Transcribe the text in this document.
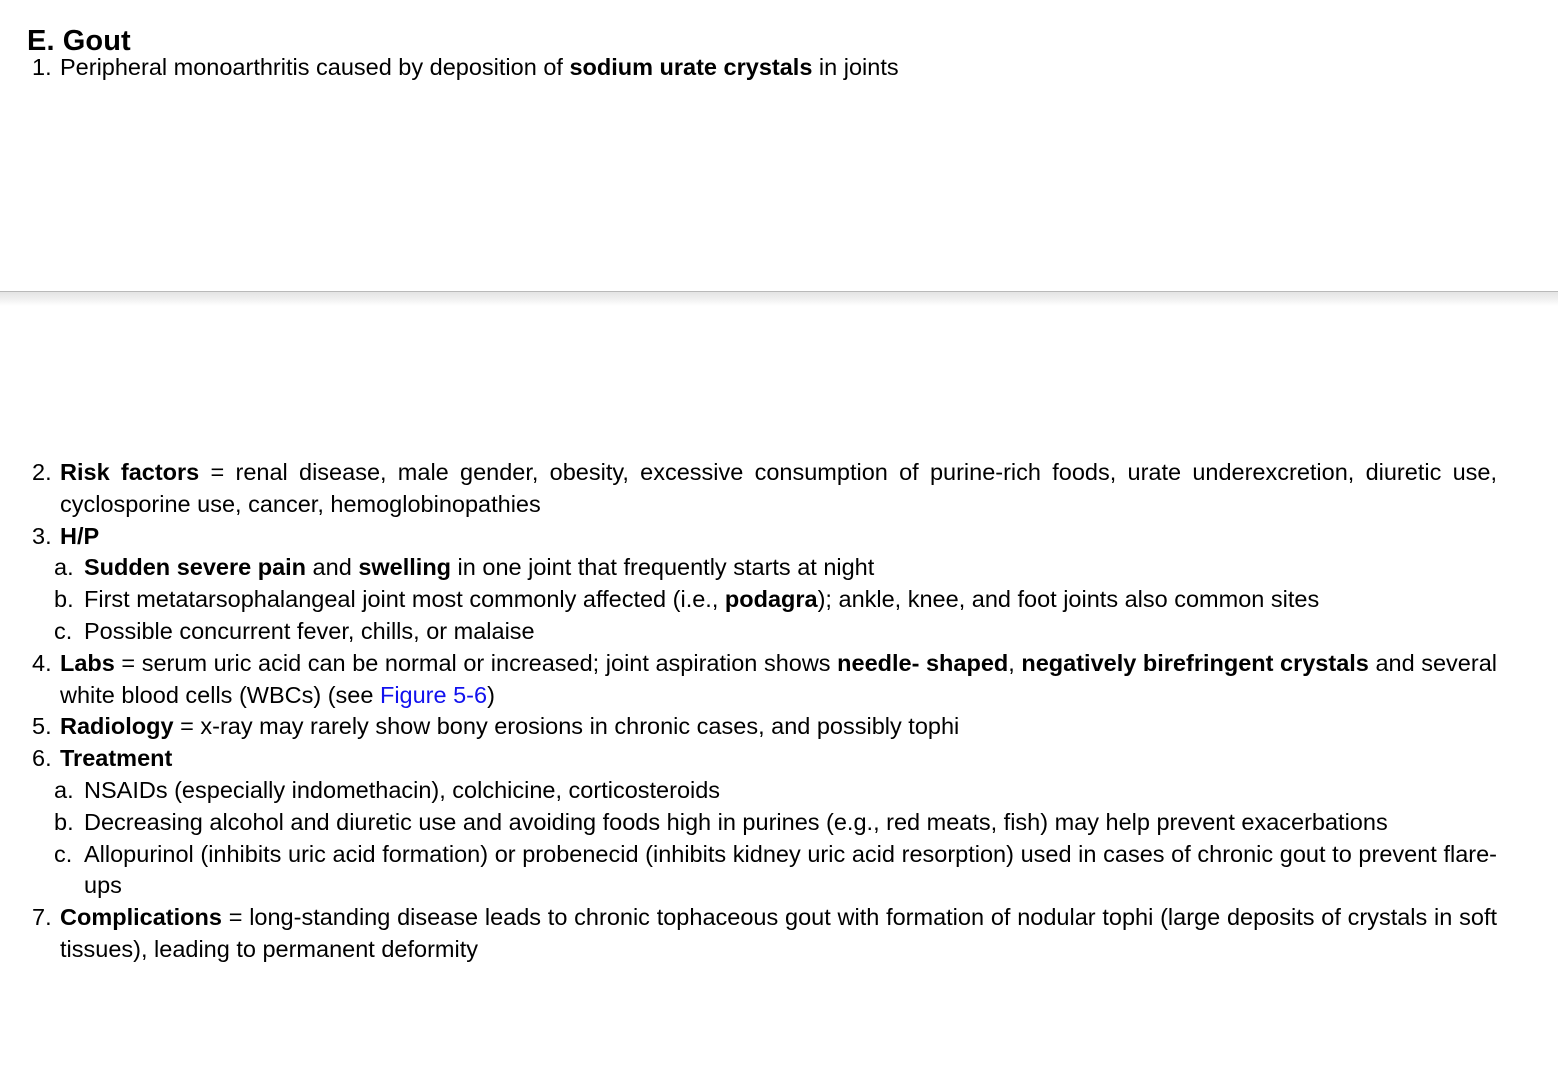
E. Gout
1. Peripheral monoarthritis caused by deposition of sodium urate crystals in joints
2. Risk factors = renal disease, male gender, obesity, excessive consumption of purine-rich foods, urate underexcretion, diuretic use, cyclosporine use, cancer, hemoglobinopathies
3. H/P
a. Sudden severe pain and swelling in one joint that frequently starts at night
b. First metatarsophalangeal joint most commonly affected (i.e., podagra); ankle, knee, and foot joints also common sites
c. Possible concurrent fever, chills, or malaise
4. Labs = serum uric acid can be normal or increased; joint aspiration shows needle- shaped, negatively birefringent crystals and several white blood cells (WBCs) (see Figure 5-6)
5. Radiology = x-ray may rarely show bony erosions in chronic cases, and possibly tophi
6. Treatment
a. NSAIDs (especially indomethacin), colchicine, corticosteroids
b. Decreasing alcohol and diuretic use and avoiding foods high in purines (e.g., red meats, fish) may help prevent exacerbations
c. Allopurinol (inhibits uric acid formation) or probenecid (inhibits kidney uric acid resorption) used in cases of chronic gout to prevent flare-ups
7. Complications = long-standing disease leads to chronic tophaceous gout with formation of nodular tophi (large deposits of crystals in soft tissues), leading to permanent deformity
